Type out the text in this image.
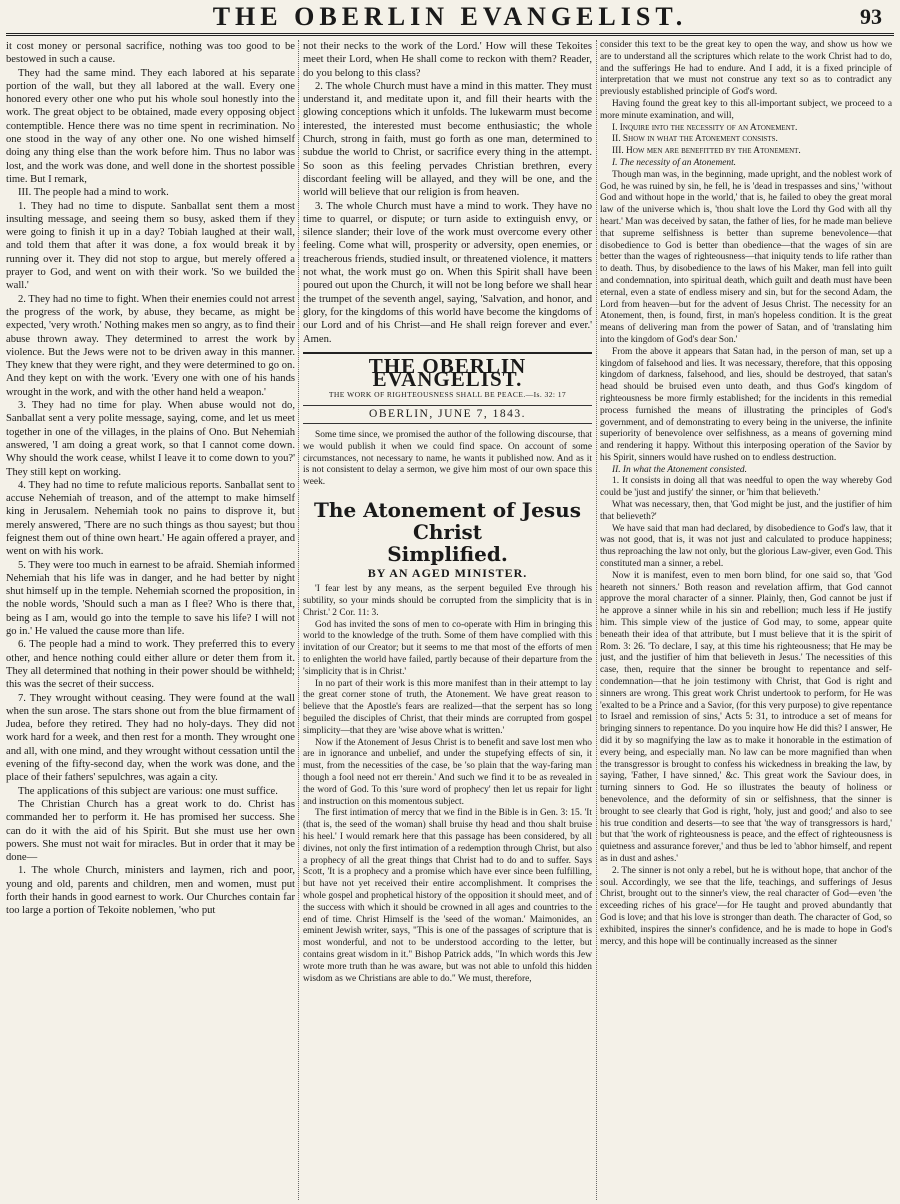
THE OBERLIN EVANGELIST.	93

it cost money or personal sacrifice, nothing was too good to be bestowed in such a cause.

They had the same mind. They each labored at his separate portion of the wall, but they all labored at the wall. Every one honored every other one who put his whole soul honestly into the work. The great object to be obtained, made every opposing object contemptible. Hence there was no time spent in recrimination. No one stood in the way of any other one. No one wished himself doing any thing else than the work before him. Thus no labor was lost, and the work was done, and well done in the shortest possible time. But I remark,

III. The people had a mind to work.

1. They had no time to dispute. Sanballat sent them a most insulting message, and seeing them so busy, asked them if they were going to finish it up in a day? Tobiah laughed at their wall, and told them that after it was done, a fox would break it by running over it. They did not stop to argue, but merely offered a prayer to God, and went on with their work. 'So we builded the wall.'

2. They had no time to fight. When their enemies could not arrest the progress of the work, by abuse, they became, as might be expected, 'very wroth.' Nothing makes men so angry, as to find their abuse thrown away. They determined to arrest the work by violence. But the Jews were not to be driven away in this manner. They knew that they were right, and they were determined to go on. And they kept on with the work. 'Every one with one of his hands wrought in the work, and with the other hand held a weapon.'

3. They had no time for play. When abuse would not do, Sanballat sent a very polite message, saying, come, and let us meet together in one of the villages, in the plains of Ono. But Nehemiah answered, 'I am doing a great work, so that I cannot come down. Why should the work cease, whilst I leave it to come down to you?' They still kept on working.

4. They had no time to refute malicious reports. Sanballat sent to accuse Nehemiah of treason, and of the attempt to make himself king in Jerusalem. Nehemiah took no pains to disprove it, but merely answered, 'There are no such things as thou sayest; but thou feignest them out of thine own heart.' He again offered a prayer, and went on with his work.

5. They were too much in earnest to be afraid. Shemiah informed Nehemiah that his life was in danger, and he had better by night shut himself up in the temple. Nehemiah scorned the proposition, in the noble words, 'Should such a man as I flee? Who is there that, being as I am, would go into the temple to save his life? I will not go in.' He valued the cause more than life.

6. The people had a mind to work. They preferred this to every other, and hence nothing could either allure or deter them from it. They all determined that nothing in their power should be withheld; this was the secret of their success.

7. They wrought without ceasing. They were found at the wall when the sun arose. The stars shone out from the blue firmament of Judea, before they retired. They had no holy-days. They did not work hard for a week, and then rest for a month. They wrought one and all, with one mind, and they wrought without cessation until the evening of the fifty-second day, when the work was done, and the place of their fathers' sepulchres, was again a city.

The applications of this subject are various: one must suffice.

The Christian Church has a great work to do. Christ has commanded her to perform it. He has promised her success. She can do it with the aid of his Spirit. But she must use her own powers. She must not wait for miracles. But in order that it may be done—

1. The whole Church, ministers and laymen, rich and poor, young and old, parents and children, men and women, must put forth their hands in good earnest to work. Our Churches contain far too large a portion of Tekoite noblemen, 'who put

not their necks to the work of the Lord.' How will these Tekoites meet their Lord, when He shall come to reckon with them? Reader, do you belong to this class?

2. The whole Church must have a mind in this matter. They must understand it, and meditate upon it, and fill their hearts with the glowing conceptions which it unfolds. The lukewarm must become interested, the interested must become enthusiastic; the whole Church, strong in faith, must go forth as one man, determined to subdue the world to Christ, or sacrifice every thing in the attempt. So soon as this feeling pervades Christian brethren, every discordant feeling will be allayed, and they will be one, and the world will believe that our religion is from heaven.

3. The whole Church must have a mind to work. They have no time to quarrel, or dispute; or turn aside to extinguish envy, or silence slander; their love of the work must overcome every other feeling. Come what will, prosperity or adversity, open enemies, or treacherous friends, studied insult, or threatened violence, it matters not what, the work must go on. When this Spirit shall have been poured out upon the Church, it will not be long before we shall hear the trumpet of the seventh angel, saying, 'Salvation, and honor, and glory, for the kingdoms of this world have become the kingdoms of our Lord and of his Christ—and He shall reign forever and ever.' Amen.

THE OBERLIN EVANGELIST.
THE WORK OF RIGHTEOUSNESS SHALL BE PEACE.—Is. 32: 17
OBERLIN, JUNE 7, 1843.

Some time since, we promised the author of the following discourse, that we would publish it when we could find space. On account of some circumstances, not necessary to name, he wants it published now. And as it is not consistent to delay a sermon, we give him most of our own space this week.

The Atonement of Jesus Christ
Simplified.
BY AN AGED MINISTER.

'I fear lest by any means, as the serpent beguiled Eve through his subtility, so your minds should be corrupted from the simplicity that is in Christ.' 2 Cor. 11: 3.

God has invited the sons of men to co-operate with Him in bringing this world to the knowledge of the truth. Some of them have complied with this invitation of our Creator; but it seems to me that most of the efforts of men to enlighten the world have failed, partly because of their departure from the 'simplicity that is in Christ.'

In no part of their work is this more manifest than in their attempt to lay the great corner stone of truth, the Atonement. We have great reason to believe that the Apostle's fears are realized—that the serpent has so long beguiled the disciples of Christ, that their minds are corrupted from gospel simplicity—that they are 'wise above what is written.'

Now if the Atonement of Jesus Christ is to benefit and save lost men who are in ignorance and unbelief, and under the stupefying effects of sin, it must, from the necessities of the case, be 'so plain that the way-faring man though a fool need not err therein.' And such we find it to be as revealed in the word of God. To this 'sure word of prophecy' then let us repair for light and instruction on this momentous subject.

The first intimation of mercy that we find in the Bible is in Gen. 3: 15. 'It (that is, the seed of the woman) shall bruise thy head and thou shalt bruise his heel.' I would remark here that this passage has been considered, by all divines, not only the first intimation of a redemption through Christ, but also a prophecy of all the great things that Christ had to do and to suffer. Says Scott, 'It is a prophecy and a promise which have ever since been fulfilling, but have not yet received their entire accomplishment. It comprises the whole gospel and prophetical history of the opposition it should meet, and of the success with which it should be crowned in all ages and countries to the end of time. Christ Himself is the 'seed of the woman.' Maimonides, an eminent Jewish writer, says, "This is one of the passages of scripture that is most wonderful, and not to be understood according to the letter, but contains great wisdom in it." Bishop Patrick adds, "In which words this Jew wrote more truth than he was aware, but was not able to unfold this hidden wisdom as we Christians are able to do." We must, therefore,

consider this text to be the great key to open the way, and show us how we are to understand all the scriptures which relate to the work Christ had to do, and the sufferings He had to endure. And I add, it is a fixed principle of interpretation that we must not construe any text so as to contradict any previously established principle of God's word.

Having found the great key to this all-important subject, we proceed to a more minute examination, and will,

I. Inquire into the necessity of an Atonement.

II. Show in what the Atonement consists.

III. How men are benefitted by the Atonement.

I. The necessity of an Atonement.

Though man was, in the beginning, made upright, and the noblest work of God, he was ruined by sin, he fell, he is 'dead in trespasses and sins,' 'without God and without hope in the world,' that is, he failed to obey the great moral law of the universe which is, 'thou shalt love the Lord thy God with all thy heart.' Man was deceived by satan, the father of lies, for he made man believe that supreme selfishness is better than supreme benevolence—that disobedience to God is better than obedience—that the wages of sin are better than the wages of righteousness—that iniquity tends to life rather than to death. Thus, by disobedience to the laws of his Maker, man fell into guilt and condemnation, into spiritual death, which guilt and death must have been eternal, even a state of endless misery and sin, but for the second Adam, the Lord from heaven—but for the advent of Jesus Christ. The necessity for an Atonement, then, is found, first, in man's hopeless condition. It is the great means of delivering man from the power of Satan, and of 'translating him into the kingdom of God's dear Son.'

From the above it appears that Satan had, in the person of man, set up a kingdom of falsehood and lies. It was necessary, therefore, that this opposing kingdom of darkness, falsehood, and lies, should be destroyed, that satan's head should be bruised even unto death, and thus God's kingdom of righteousness be more firmly established; for the incidents in this remedial process furnished the means of illustrating the principles of God's government, and of demonstrating to every being in the universe, the infinite superiority of benevolence over selfishness, as a means of governing mind and rendering it happy. Without this interposing operation of the Savior by his Spirit, sinners would have rushed on to endless destruction.

II. In what the Atonement consisted.

1. It consists in doing all that was needful to open the way whereby God could be 'just and justify' the sinner, or 'him that believeth.'

What was necessary, then, that 'God might be just, and the justifier of him that believeth?'

We have said that man had declared, by disobedience to God's law, that it was not good, that is, it was not just and calculated to produce happiness; thus reproaching the law not only, but the glorious Law-giver, even God. This constituted man a sinner, a rebel.

Now it is manifest, even to men born blind, for one said so, that 'God heareth not sinners.' Both reason and revelation affirm, that God cannot approve the moral character of a sinner. Plainly, then, God cannot be just if he approve a sinner while in his sin and rebellion; much less if He justify him. This simple view of the justice of God may, to some, appear quite beneath their idea of that attribute, but I must believe that it is the spirit of Rom. 3: 26. 'To declare, I say, at this time his righteousness; that He may be just, and the justifier of him that believeth in Jesus.' The necessities of this case, then, require that the sinner be brought to repentance and self-condemnation—that he join testimony with Christ, that God is right and sinners are wrong. This great work Christ undertook to perform, for He was 'exalted to be a Prince and a Savior, (for this very purpose) to give repentance to Israel and remission of sins,' Acts 5: 31, to introduce a set of means for bringing sinners to repentance. Do you inquire how He did this? I answer, He did it by so magnifying the law as to make it honorable in the estimation of every being, and especially man. No law can be more magnified than when the transgressor is brought to confess his wickedness in breaking the law, by saying, 'Father, I have sinned,' &c. This great work the Saviour does, in turning sinners to God. He so illustrates the beauty of holiness or benevolence, and the deformity of sin or selfishness, that the sinner is brought to see clearly that God is right, 'holy, just and good;' and also to see his true condition and deserts—to see that 'the way of transgressors is hard,' but that 'the work of righteousness is peace, and the effect of righteousness is quietness and assurance forever,' and thus be led to 'abhor himself, and repent as in dust and ashes.'

2. The sinner is not only a rebel, but he is without hope, that anchor of the soul. Accordingly, we see that the life, teachings, and sufferings of Jesus Christ, brought out to the sinner's view, the real character of God—even 'the exceeding riches of his grace'—for He taught and proved abundantly that God is love; and that his love is stronger than death. The character of God, so exhibited, inspires the sinner's confidence, and he is made to hope in God's mercy, and this hope will be continually increased as the sinner
